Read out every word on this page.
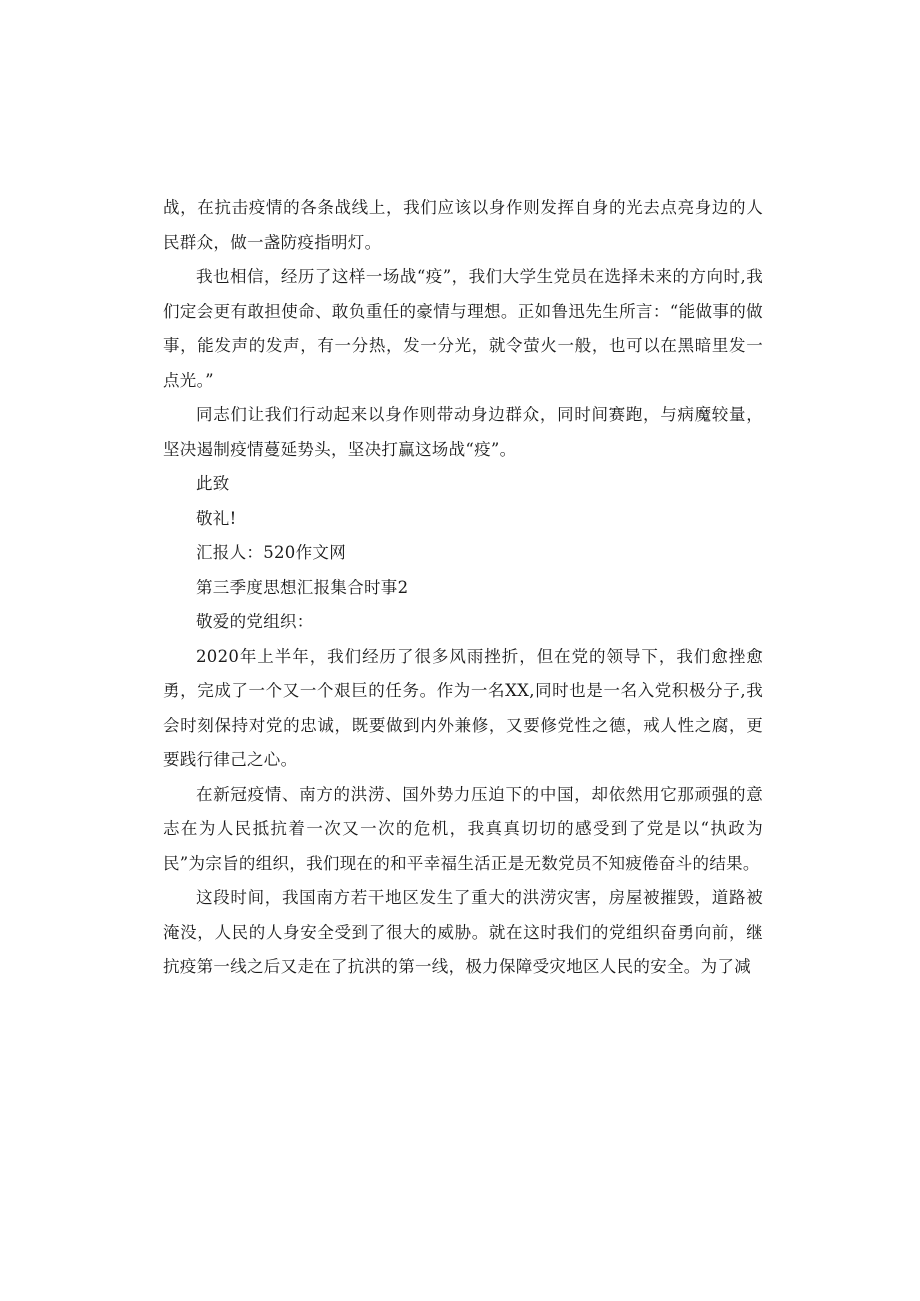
战，在抗击疫情的各条战线上，我们应该以身作则发挥自身的光去点亮身边的人民群众，做一盏防疫指明灯。

我也相信，经历了这样一场战“疫”，我们大学生党员在选择未来的方向时,我们定会更有敢担使命、敢负重任的豪情与理想。正如鲁迅先生所言：“能做事的做事，能发声的发声，有一分热，发一分光，就令萤火一般，也可以在黑暗里发一点光。”

同志们让我们行动起来以身作则带动身边群众，同时间赛跑，与病魔较量，坚决遏制疫情蔓延势头，坚决打赢这场战“疫”。

此致

敬礼!

汇报人：520作文网

第三季度思想汇报集合时事2

敬爱的党组织：

2020年上半年，我们经历了很多风雨挫折，但在党的领导下，我们愈挫愈勇，完成了一个又一个艰巨的任务。作为一名XX,同时也是一名入党积极分子,我会时刻保持对党的忠诚，既要做到内外兼修，又要修党性之德，戒人性之腐，更要践行律己之心。

在新冠疫情、南方的洪涝、国外势力压迫下的中国，却依然用它那顽强的意志在为人民抵抗着一次又一次的危机，我真真切切的感受到了党是以“执政为民”为宗旨的组织，我们现在的和平幸福生活正是无数党员不知疲倦奋斗的结果。

这段时间，我国南方若干地区发生了重大的洪涝灾害，房屋被摧毁，道路被淹没，人民的人身安全受到了很大的威胁。就在这时我们的党组织奋勇向前，继抗疫第一线之后又走在了抗洪的第一线，极力保障受灾地区人民的安全。为了减
